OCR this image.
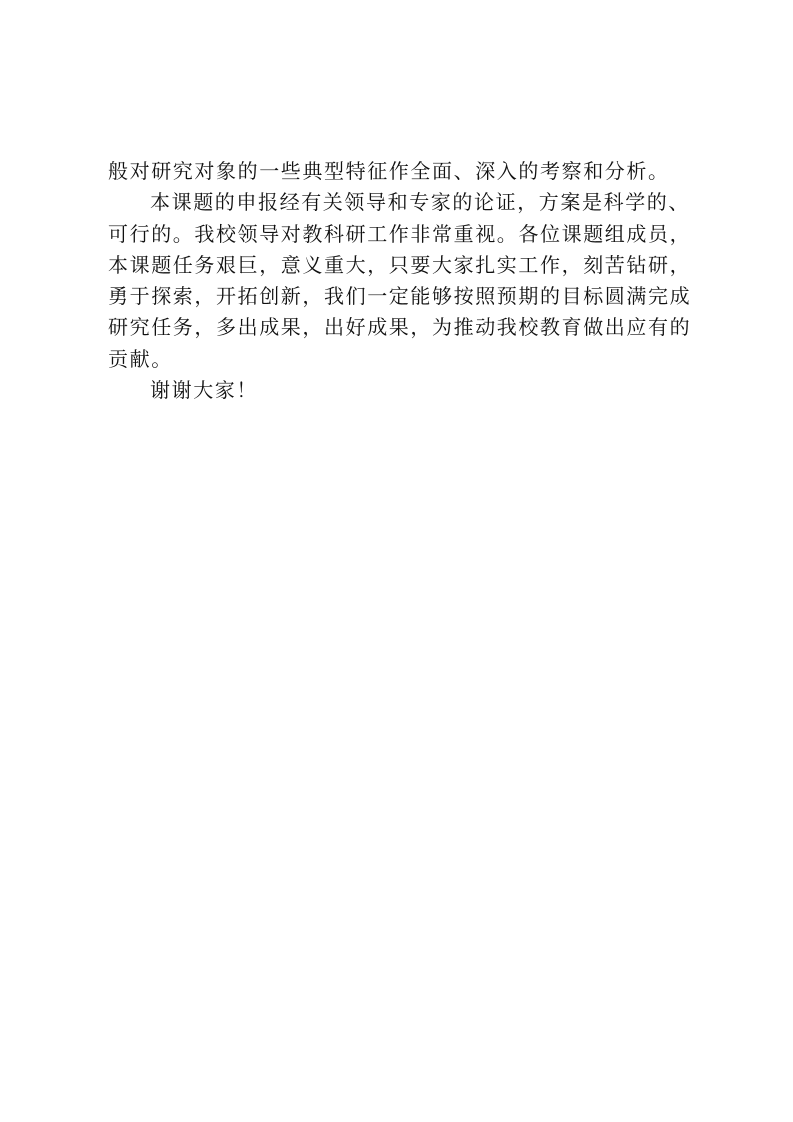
般对研究对象的一些典型特征作全面、深入的考察和分析。
本课题的申报经有关领导和专家的论证，方案是科学的、
可行的。我校领导对教科研工作非常重视。各位课题组成员，
本课题任务艰巨，意义重大，只要大家扎实工作，刻苦钻研，
勇于探索，开拓创新，我们一定能够按照预期的目标圆满完成
研究任务，多出成果，出好成果，为推动我校教育做出应有的
贡献。
谢谢大家！
